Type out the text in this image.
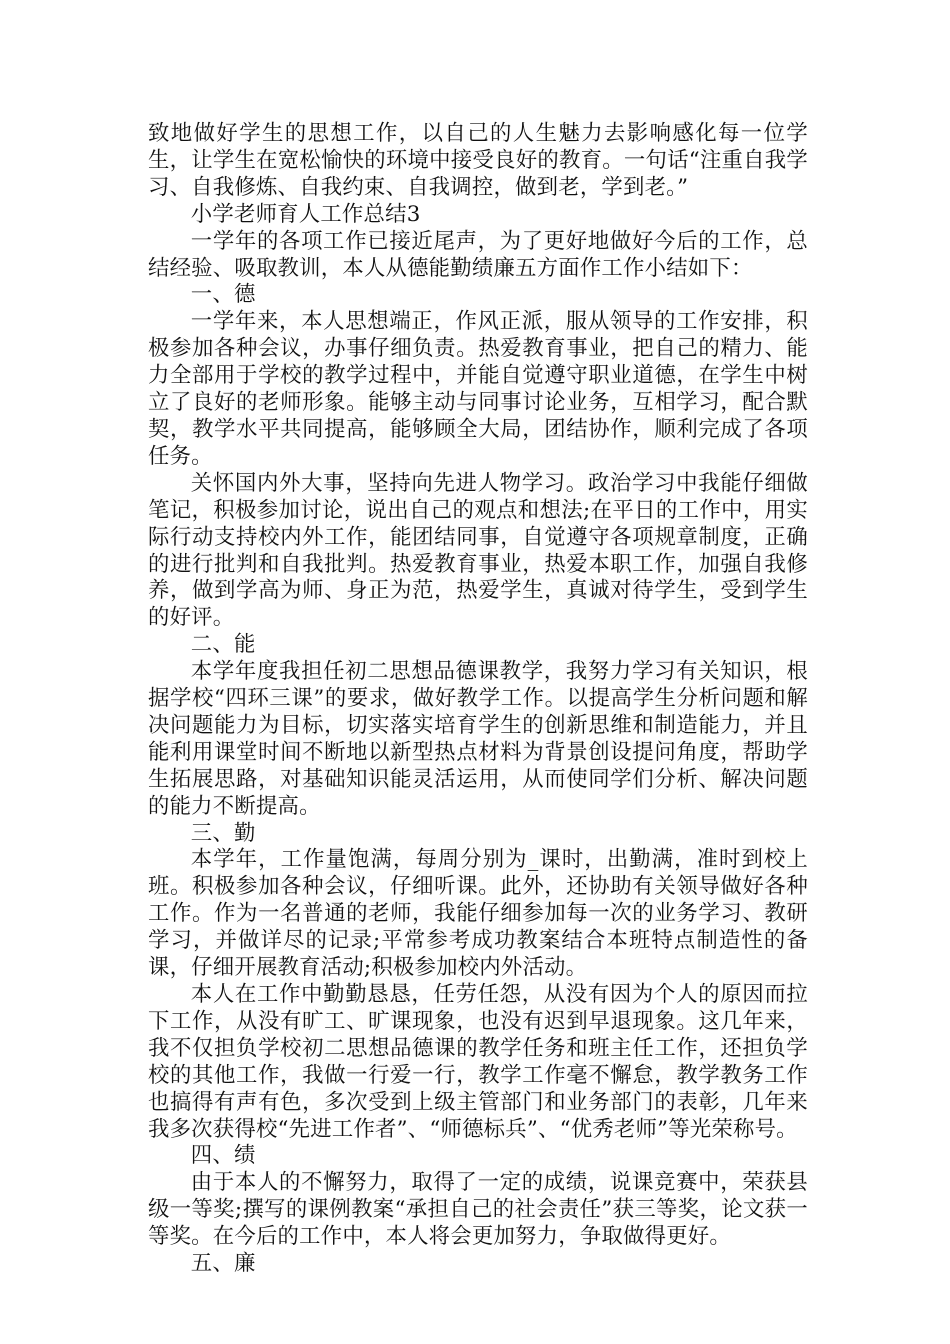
致地做好学生的思想工作，以自己的人生魅力去影响感化每一位学生，让学生在宽松愉快的环境中接受良好的教育。一句话“注重自我学习、自我修炼、自我约束、自我调控，做到老，学到老。”

小学老师育人工作总结3

一学年的各项工作已接近尾声，为了更好地做好今后的工作，总结经验、吸取教训，本人从德能勤绩廉五方面作工作小结如下：

一、德

一学年来，本人思想端正，作风正派，服从领导的工作安排，积极参加各种会议，办事仔细负责。热爱教育事业，把自己的精力、能力全部用于学校的教学过程中，并能自觉遵守职业道德，在学生中树立了良好的老师形象。能够主动与同事讨论业务，互相学习，配合默契，教学水平共同提高，能够顾全大局，团结协作，顺利完成了各项任务。

关怀国内外大事，坚持向先进人物学习。政治学习中我能仔细做笔记，积极参加讨论，说出自己的观点和想法;在平日的工作中，用实际行动支持校内外工作，能团结同事，自觉遵守各项规章制度，正确的进行批判和自我批判。热爱教育事业，热爱本职工作，加强自我修养，做到学高为师、身正为范，热爱学生，真诚对待学生，受到学生的好评。

二、能

本学年度我担任初二思想品德课教学，我努力学习有关知识，根据学校“四环三课”的要求，做好教学工作。以提高学生分析问题和解决问题能力为目标，切实落实培育学生的创新思维和制造能力，并且能利用课堂时间不断地以新型热点材料为背景创设提问角度，帮助学生拓展思路，对基础知识能灵活运用，从而使同学们分析、解决问题的能力不断提高。

三、勤

本学年，工作量饱满，每周分别为_课时，出勤满，准时到校上班。积极参加各种会议，仔细听课。此外，还协助有关领导做好各种工作。作为一名普通的老师，我能仔细参加每一次的业务学习、教研学习，并做详尽的记录;平常参考成功教案结合本班特点制造性的备课，仔细开展教育活动;积极参加校内外活动。

本人在工作中勤勤恳恳，任劳任怨，从没有因为个人的原因而拉下工作，从没有旷工、旷课现象，也没有迟到早退现象。这几年来，我不仅担负学校初二思想品德课的教学任务和班主任工作，还担负学校的其他工作，我做一行爱一行，教学工作毫不懈怠，教学教务工作也搞得有声有色，多次受到上级主管部门和业务部门的表彰，几年来我多次获得校“先进工作者”、“师德标兵”、“优秀老师”等光荣称号。

四、绩

由于本人的不懈努力，取得了一定的成绩，说课竞赛中，荣获县级一等奖;撰写的课例教案“承担自己的社会责任”获三等奖，论文获一等奖。在今后的工作中，本人将会更加努力，争取做得更好。

五、廉
